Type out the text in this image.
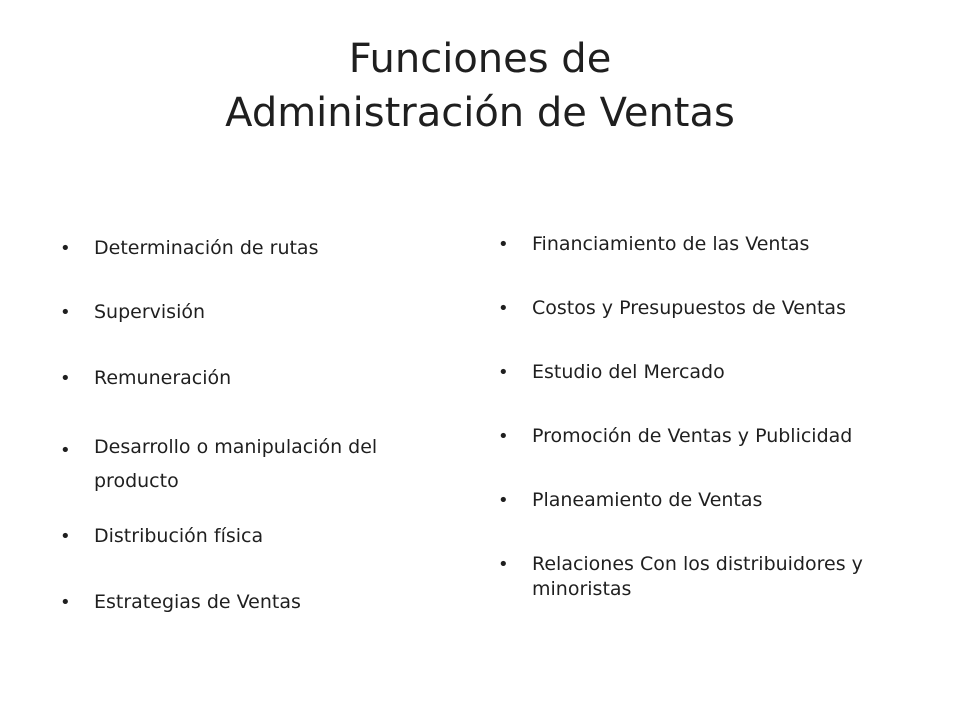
Funciones de
Administración de Ventas
• Determinación de rutas
• Supervisión
• Remuneración
• Desarrollo o manipulación del producto
• Distribución física
• Estrategias de Ventas
• Financiamiento de las Ventas
• Costos y Presupuestos de Ventas
• Estudio del Mercado
• Promoción de Ventas y Publicidad
• Planeamiento de Ventas
• Relaciones Con los distribuidores y minoristas
